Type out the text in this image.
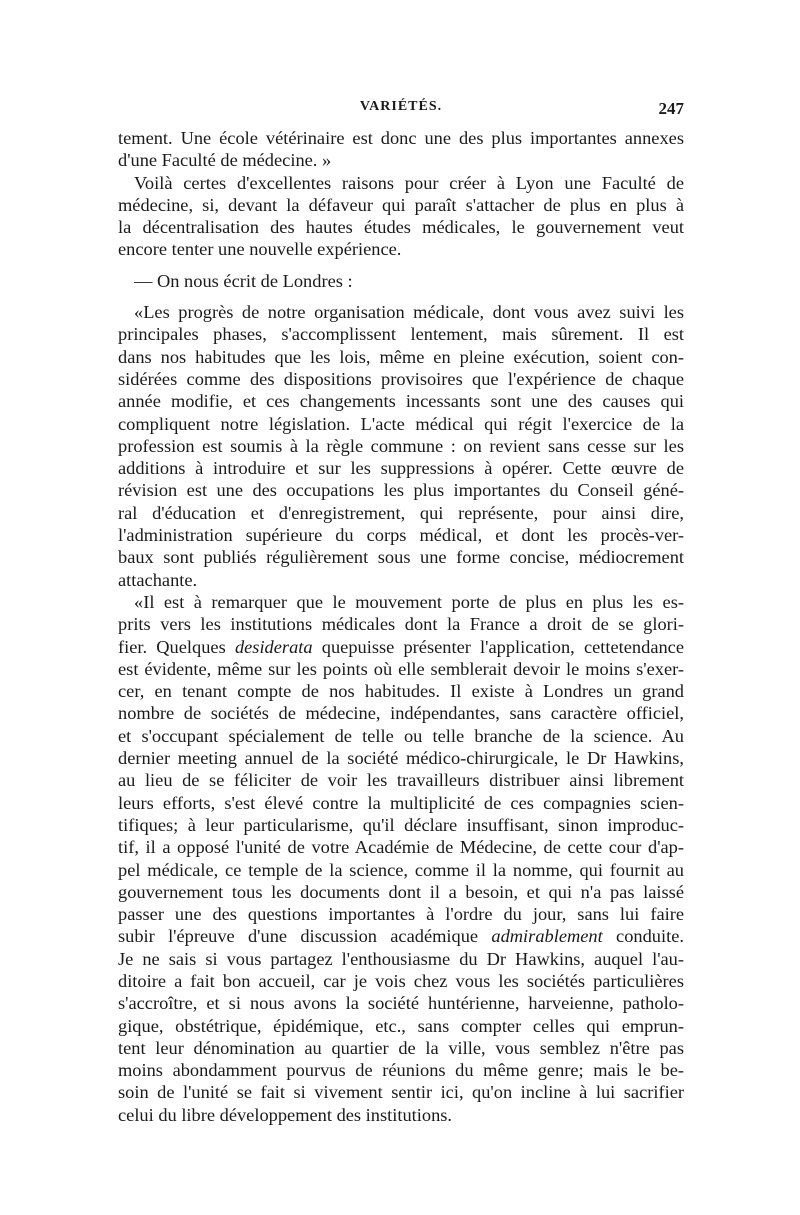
VARIÉTÉS.	247
tement. Une école vétérinaire est donc une des plus importantes annexes
d'une Faculté de médecine. »
Voilà certes d'excellentes raisons pour créer à Lyon une Faculté de
médecine, si, devant la défaveur qui paraît s'attacher de plus en plus à
la décentralisation des hautes études médicales, le gouvernement veut
encore tenter une nouvelle expérience.
— On nous écrit de Londres :
«Les progrès de notre organisation médicale, dont vous avez suivi les
principales phases, s'accomplissent lentement, mais sûrement. Il est
dans nos habitudes que les lois, même en pleine exécution, soient con-
sidérées comme des dispositions provisoires que l'expérience de chaque
année modifie, et ces changements incessants sont une des causes qui
compliquent notre législation. L'acte médical qui régit l'exercice de la
profession est soumis à la règle commune : on revient sans cesse sur les
additions à introduire et sur les suppressions à opérer. Cette œuvre de
révision est une des occupations les plus importantes du Conseil géné-
ral d'éducation et d'enregistrement, qui représente, pour ainsi dire,
l'administration supérieure du corps médical, et dont les procès-ver-
baux sont publiés régulièrement sous une forme concise, médiocrement
attachante.
«Il est à remarquer que le mouvement porte de plus en plus les es-
prits vers les institutions médicales dont la France a droit de se glori-
fier. Quelques desiderata quepuisse présenter l'application, cettetendance
est évidente, même sur les points où elle semblerait devoir le moins s'exer-
cer, en tenant compte de nos habitudes. Il existe à Londres un grand
nombre de sociétés de médecine, indépendantes, sans caractère officiel,
et s'occupant spécialement de telle ou telle branche de la science. Au
dernier meeting annuel de la société médico-chirurgicale, le Dr Hawkins,
au lieu de se féliciter de voir les travailleurs distribuer ainsi librement
leurs efforts, s'est élevé contre la multiplicité de ces compagnies scien-
tifiques; à leur particularisme, qu'il déclare insuffisant, sinon improduc-
tif, il a opposé l'unité de votre Académie de Médecine, de cette cour d'ap-
pel médicale, ce temple de la science, comme il la nomme, qui fournit au
gouvernement tous les documents dont il a besoin, et qui n'a pas laissé
passer une des questions importantes à l'ordre du jour, sans lui faire
subir l'épreuve d'une discussion académique admirablement conduite.
Je ne sais si vous partagez l'enthousiasme du Dr Hawkins, auquel l'au-
ditoire a fait bon accueil, car je vois chez vous les sociétés particulières
s'accroître, et si nous avons la société huntérienne, harveienne, patholo-
gique, obstétrique, épidémique, etc., sans compter celles qui emprun-
tent leur dénomination au quartier de la ville, vous semblez n'être pas
moins abondamment pourvus de réunions du même genre; mais le be-
soin de l'unité se fait si vivement sentir ici, qu'on incline à lui sacrifier
celui du libre développement des institutions.
